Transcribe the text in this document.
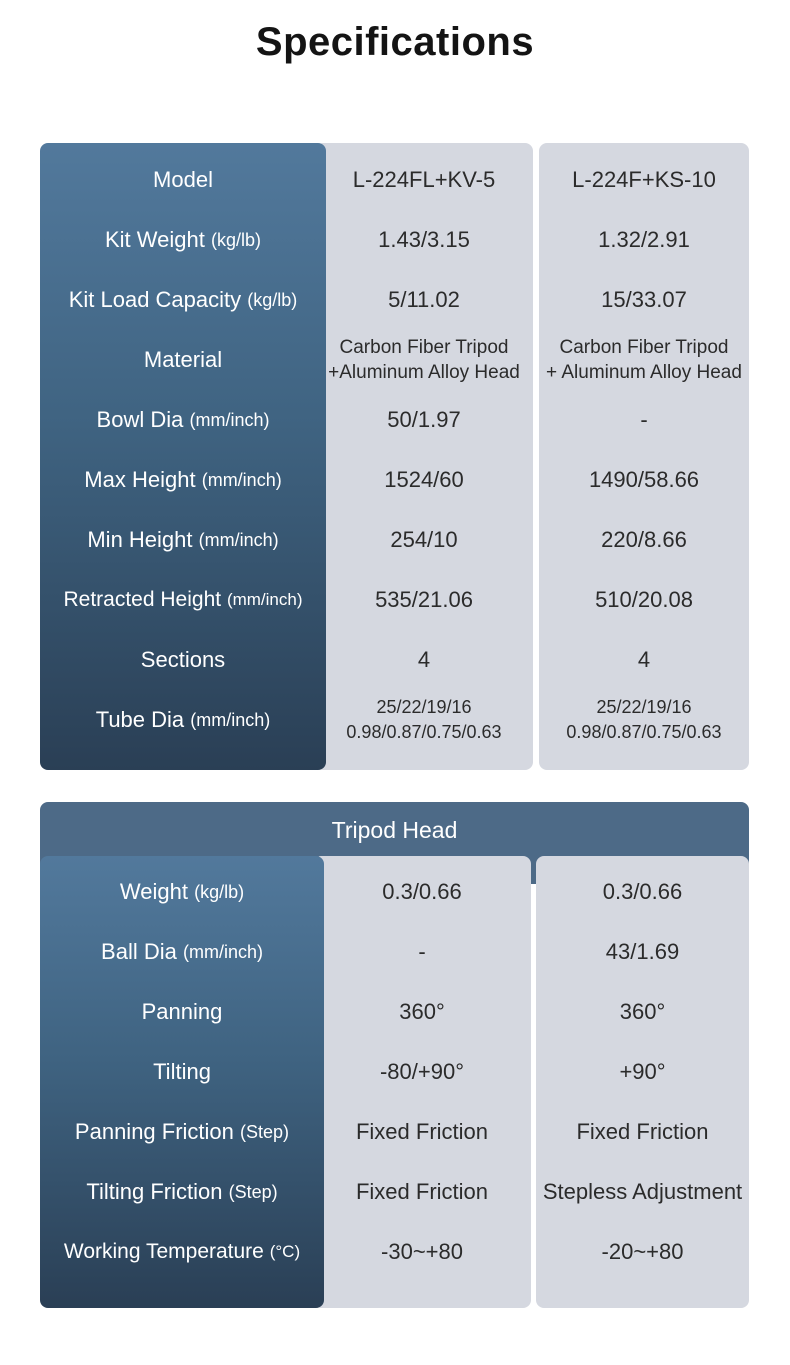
Specifications
L-224FL+KV-5
1.43/3.15
5/11.02
Carbon Fiber Tripod
+Aluminum Alloy Head
50/1.97
1524/60
254/10
535/21.06
4
25/22/19/16
0.98/0.87/0.75/0.63
L-224F+KS-10
1.32/2.91
15/33.07
Carbon Fiber Tripod
+ Aluminum Alloy Head
-
1490/58.66
220/8.66
510/20.08
4
25/22/19/16
0.98/0.87/0.75/0.63
Model
Kit Weight
(kg/lb)
Kit Load Capacity
(kg/lb)
Material
Bowl Dia
(mm/inch)
Max Height
(mm/inch)
Min Height
(mm/inch)
Retracted Height
(mm/inch)
Sections
Tube Dia
(mm/inch)
Tripod Head
0.3/0.66
-
360°
-80/+90°
Fixed Friction
Fixed Friction
-30~+80
0.3/0.66
43/1.69
360°
+90°
Fixed Friction
Stepless Adjustment
-20~+80
Weight
(kg/lb)
Ball Dia
(mm/inch)
Panning
Tilting
Panning Friction
(Step)
Tilting Friction
(Step)
Working Temperature
(°C)
